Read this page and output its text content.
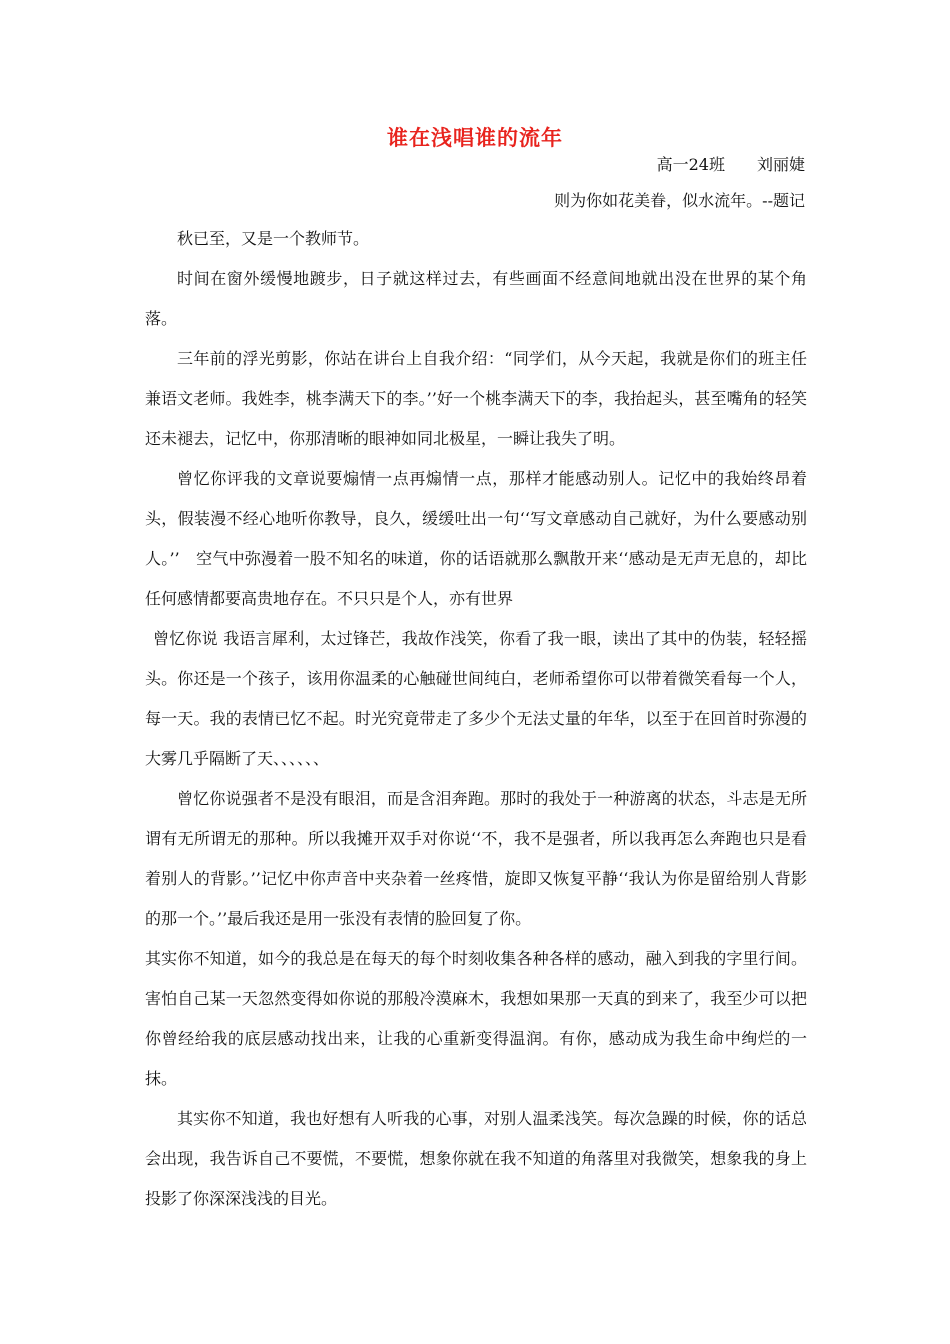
谁在浅唱谁的流年
高一24班　　刘丽婕
则为你如花美眷，似水流年。--题记

秋已至，又是一个教师节。

时间在窗外缓慢地踱步，日子就这样过去，有些画面不经意间地就出没在世界的某个角落。

三年前的浮光剪影，你站在讲台上自我介绍：“同学们，从今天起，我就是你们的班主任兼语文老师。我姓李，桃李满天下的李。’’好一个桃李满天下的李，我抬起头，甚至嘴角的轻笑还未褪去，记忆中，你那清晰的眼神如同北极星，一瞬让我失了明。

曾忆你评我的文章说要煽情一点再煽情一点，那样才能感动别人。记忆中的我始终昂着头，假装漫不经心地听你教导，良久，缓缓吐出一句‘‘写文章感动自己就好，为什么要感动别人。’’　空气中弥漫着一股不知名的味道，你的话语就那么飘散开来‘‘感动是无声无息的，却比任何感情都要高贵地存在。不只只是个人，亦有世界

曾忆你说 我语言犀利，太过锋芒，我故作浅笑，你看了我一眼，读出了其中的伪装，轻轻摇头。你还是一个孩子，该用你温柔的心触碰世间纯白，老师希望你可以带着微笑看每一个人，每一天。我的表情已忆不起。时光究竟带走了多少个无法丈量的年华，以至于在回首时弥漫的大雾几乎隔断了天、、、、、、

曾忆你说强者不是没有眼泪，而是含泪奔跑。那时的我处于一种游离的状态，斗志是无所谓有无所谓无的那种。所以我摊开双手对你说‘‘不，我不是强者，所以我再怎么奔跑也只是看着别人的背影。’’记忆中你声音中夹杂着一丝疼惜，旋即又恢复平静‘‘我认为你是留给别人背影的那一个。’’最后我还是用一张没有表情的脸回复了你。

其实你不知道，如今的我总是在每天的每个时刻收集各种各样的感动，融入到我的字里行间。害怕自己某一天忽然变得如你说的那般冷漠麻木，我想如果那一天真的到来了，我至少可以把你曾经给我的底层感动找出来，让我的心重新变得温润。有你，感动成为我生命中绚烂的一抹。

其实你不知道，我也好想有人听我的心事，对别人温柔浅笑。每次急躁的时候，你的话总会出现，我告诉自己不要慌，不要慌，想象你就在我不知道的角落里对我微笑，想象我的身上投影了你深深浅浅的目光。
